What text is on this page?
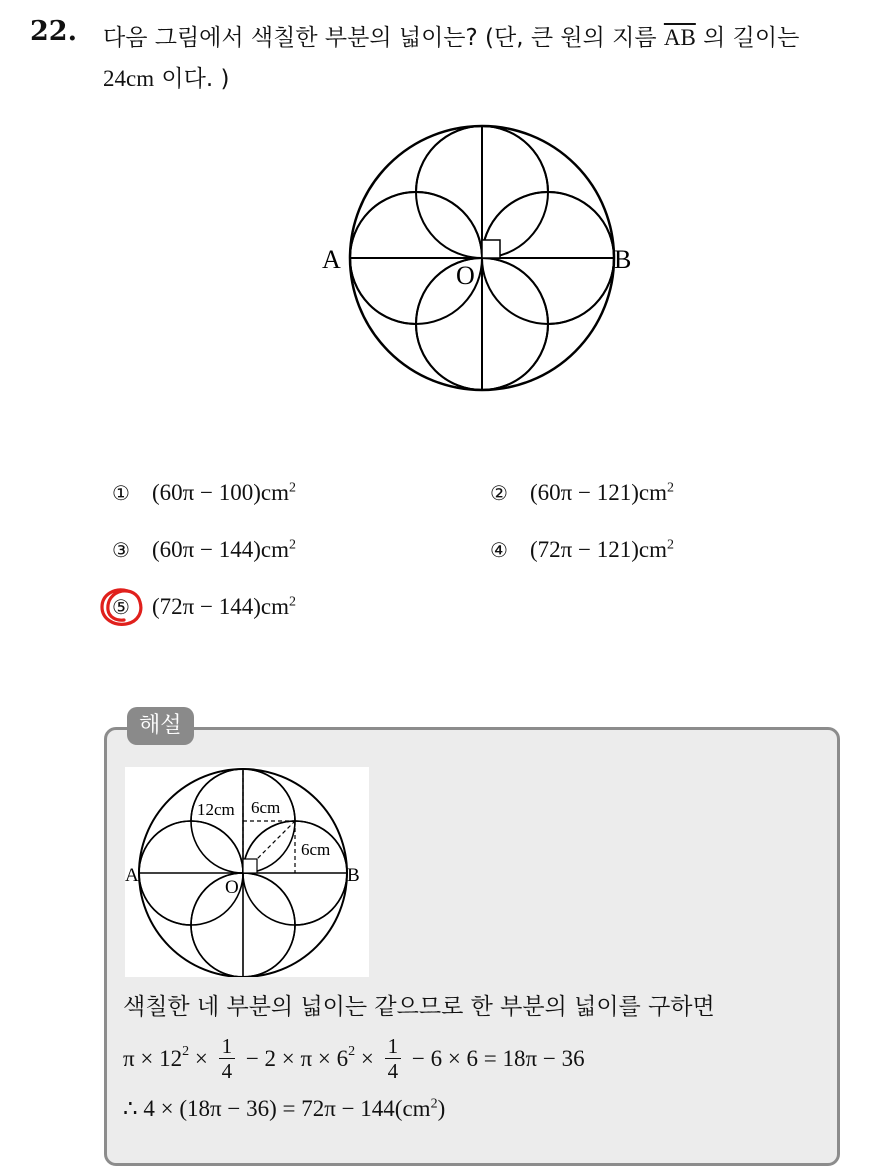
22. 다음 그림에서 색칠한 부분의 넓이는? (단, 큰 원의 지름 $\overline{AB}$ 의 길이는
24cm 이다. )
A	B
O
① $(60\pi - 100)cm^2$	② $(60\pi - 121)cm^2$
③ $(60\pi - 144)cm^2$	④ $(72\pi - 121)cm^2$
⑤ $(72\pi - 144)cm^2$
해설
12cm 6cm
6cm
A	B
O
색칠한 네 부분의 넓이는 같으므로 한 부분의 넓이를 구하면
$\pi \times 12^2 \times \frac{1}{4} - 2 \times \pi \times 6^2 \times \frac{1}{4} - 6 \times 6 = 18\pi - 36$
∴ $4 \times (18\pi - 36) = 72\pi - 144(cm^2)$
